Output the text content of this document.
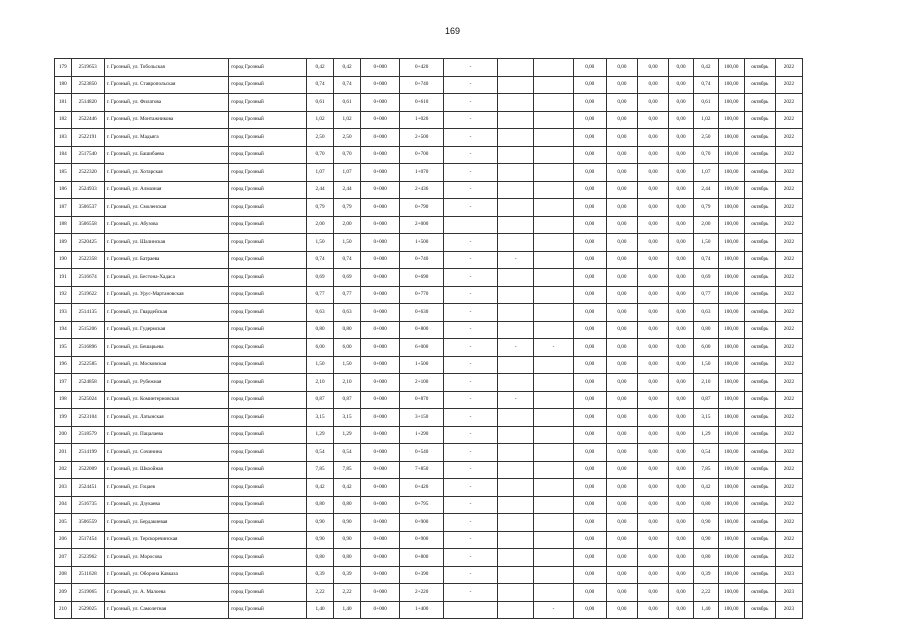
169
179	2519653	г. Грозный, ул. Тобольская	город Грозный	0,42	0,42	0+000	0+420	-			0,00	0,00	0,00	0,00	0,42	100,00	октябрь	2022
180	2523850	г. Грозный, ул. Ставропольская	город Грозный	0,74	0,74	0+000	0+740	-			0,00	0,00	0,00	0,00	0,74	100,00	октябрь	2022
181	2514820	г. Грозный, ул. Филатова	город Грозный	0,61	0,61	0+000	0+610	-			0,00	0,00	0,00	0,00	0,61	100,00	октябрь	2022
182	2522446	г. Грозный, ул. Монтажникова	город Грозный	1,02	1,02	0+000	1+020	-			0,00	0,00	0,00	0,00	1,02	100,00	октябрь	2022
183	2522191	г. Грозный, ул. Мадьяга	город Грозный	2,50	2,50	0+000	2+500	-			0,00	0,00	0,00	0,00	2,50	100,00	октябрь	2022
184	2517540	г. Грозный, ул. Башибаева	город Грозный	0,70	0,70	0+000	0+700	-			0,00	0,00	0,00	0,00	0,70	100,00	октябрь	2022
185	2522320	г. Грозный, ул. Хотарская	город Грозный	1,07	1,07	0+000	1+070	-			0,00	0,00	0,00	0,00	1,07	100,00	октябрь	2022
186	2524933	г. Грозный, ул. Алмазная	город Грозный	2,44	2,44	0+000	2+436	-			0,00	0,00	0,00	0,00	2,44	100,00	октябрь	2022
187	3506537	г. Грозный, ул. Смоленская	город Грозный	0,79	0,79	0+000	0+790	-			0,00	0,00	0,00	0,00	0,79	100,00	октябрь	2022
188	3506558	г. Грозный, ул. Абузова	город Грозный	2,00	2,00	0+000	2+000				0,00	0,00	0,00	0,00	2,00	100,00	октябрь	2022
189	2520425	г. Грозный, ул. Шалинская	город Грозный	1,50	1,50	0+000	1+500	-			0,00	0,00	0,00	0,00	1,50	100,00	октябрь	2022
190	2522358	г. Грозный, ул. Батраева	город Грозный	0,74	0,74	0+000	0+740	-	-		0,00	0,00	0,00	0,00	0,74	100,00	октябрь	2022
191	2516674	г. Грозный, ул. Бестона-Хадаса	город Грозный	0,69	0,69	0+000	0+690	-			0,00	0,00	0,00	0,00	0,69	100,00	октябрь	2022
192	2519622	г. Грозный, ул. Урус-Мартановская	город Грозный	0,77	0,77	0+000	0+770	-			0,00	0,00	0,00	0,00	0,77	100,00	октябрь	2022
193	2514135	г. Грозный, ул. Гвардейская	город Грозный	0,63	0,63	0+000	0+630	-			0,00	0,00	0,00	0,00	0,63	100,00	октябрь	2022
194	2515206	г. Грозный, ул. Гудермская	город Грозный	0,80	0,80	0+000	0+800	-			0,00	0,00	0,00	0,00	0,80	100,00	октябрь	2022
195	2516896	г. Грозный, ул. Бешарьева	город Грозный	6,00	6,00	0+000	6+000	-	-	-	0,00	0,00	0,00	0,00	6,00	100,00	октябрь	2022
196	2522585	г. Грозный, ул. Московская	город Грозный	1,50	1,50	0+000	1+500	-			0,00	0,00	0,00	0,00	1,50	100,00	октябрь	2022
197	2524858	г. Грозный, ул. Рубежная	город Грозный	2,10	2,10	0+000	2+100	-			0,00	0,00	0,00	0,00	2,10	100,00	октябрь	2022
198	2525024	г. Грозный, ул. Коминтерновская	город Грозный	0,87	0,87	0+000	0+870	-	-		0,00	0,00	0,00	0,00	0,87	100,00	октябрь	2022
199	2523104	г. Грозный, ул. Латынская	город Грозный	3,15	3,15	0+000	3+150	-			0,00	0,00	0,00	0,00	3,15	100,00	октябрь	2022
200	2518579	г. Грозный, ул. Пацалаева	город Грозный	1,29	1,29	0+000	1+290	-			0,00	0,00	0,00	0,00	1,29	100,00	октябрь	2022
201	2514199	г. Грозный, ул. Сочинина	город Грозный	0,54	0,54	0+000	0+540	-			0,00	0,00	0,00	0,00	0,54	100,00	октябрь	2022
202	2522009	г. Грозный, ул. Шкоойная	город Грозный	7,85	7,85	0+000	7+850	-			0,00	0,00	0,00	0,00	7,85	100,00	октябрь	2022
203	2524451	г. Грозный, ул. Гоцаев	город Грозный	0,42	0,42	0+000	0+420	-			0,00	0,00	0,00	0,00	0,42	100,00	октябрь	2022
204	2516735	г. Грозный, ул. Дзукаева	город Грозный	0,80	0,80	0+000	0+795	-			0,00	0,00	0,00	0,00	0,80	100,00	октябрь	2022
205	3506559	г. Грозный, ул. Бердакиевая	город Грозный	0,90	0,90	0+000	0+900	-			0,00	0,00	0,00	0,00	0,90	100,00	октябрь	2022
206	2517454	г. Грозный, ул. Терскоречинская	город Грозный	0,90	0,90	0+000	0+900	-			0,00	0,00	0,00	0,00	0,90	100,00	октябрь	2022
207	2523962	г. Грозный, ул. Моросова	город Грозный	0,80	0,80	0+000	0+800	-			0,00	0,00	0,00	0,00	0,80	100,00	октябрь	2022
208	2511628	г. Грозный, ул. Оборона Кавказа	город Грозный	0,39	0,39	0+000	0+390	-			0,00	0,00	0,00	0,00	0,39	100,00	октябрь	2023
209	2519065	г. Грозный, ул. А. Малоева	город Грозный	2,22	2,22	0+000	2+220	-			0,00	0,00	0,00	0,00	2,22	100,00	октябрь	2023
210	2529025	г. Грозный, ул. Самолетная	город Грозный	1,40	1,40	0+000	1+400			-	0,00	0,00	0,00	0,00	1,40	100,00	октябрь	2023
